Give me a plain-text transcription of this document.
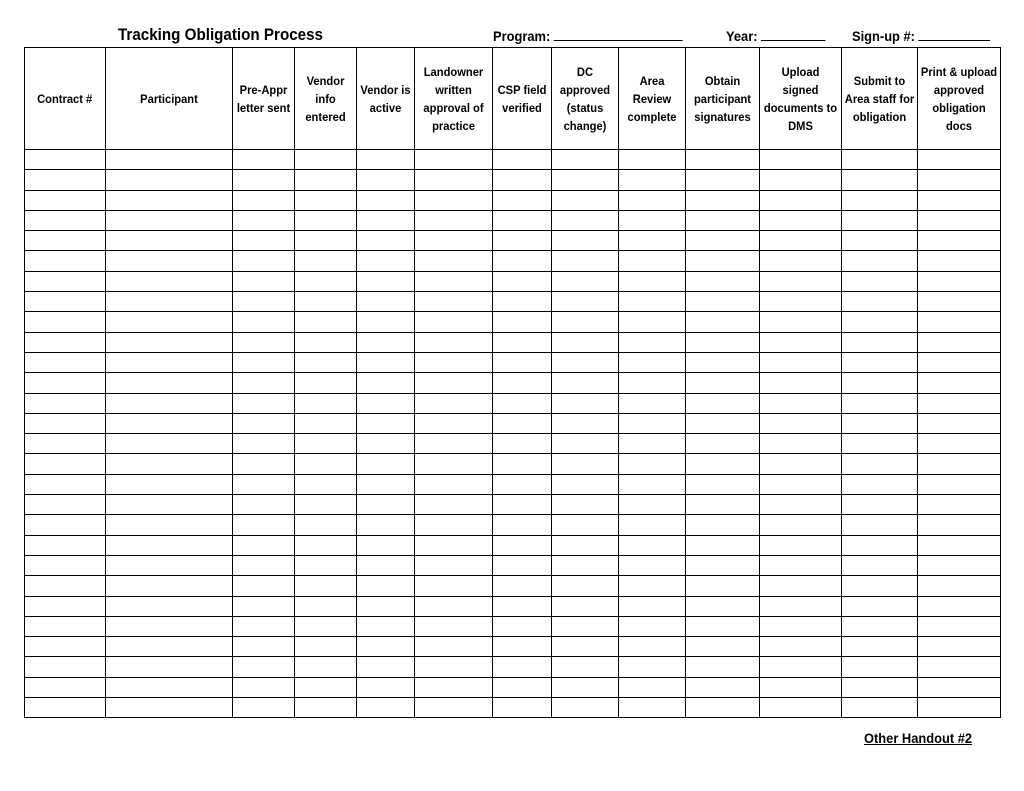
Tracking Obligation Process	Program:	Year:	Sign-up #:
Contract #	Participant	Pre-Appr letter sent	Vendor info entered	Vendor is active	Landowner written approval of practice	CSP field verified	DC approved (status change)	Area Review complete	Obtain participant signatures	Upload signed documents to DMS	Submit to Area staff for obligation	Print & upload approved obligation docs

Other Handout #2
